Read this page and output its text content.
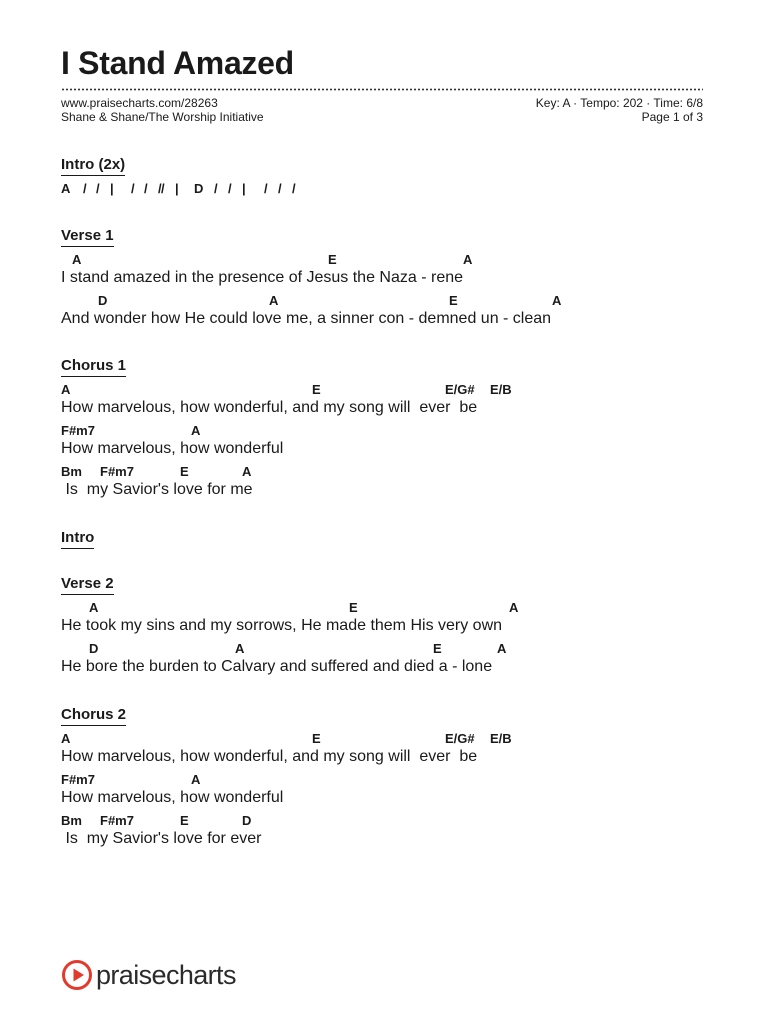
I Stand Amazed
www.praisecharts.com/28263
Shane & Shane/The Worship Initiative
Key: A · Tempo: 202 · Time: 6/8
Page 1 of 3
Intro (2x)
A / / | / / / / | D / / | / / /
Verse 1
A	E	A
I stand amazed in the presence of Jesus the Naza - rene
D	A	E	A
And wonder how He could love me, a sinner con - demned un - clean
Chorus 1
A	E	E/G# E/B
How marvelous, how wonderful, and my song will  ever  be
F#m7	A
How marvelous, how wonderful
Bm F#m7	E	A
Is  my Savior's love for me
Intro
Verse 2
A	E	A
He took my sins and my sorrows, He made them His very own
D	A	E	A
He bore the burden to Calvary and suffered and died a - lone
Chorus 2
A	E	E/G# E/B
How marvelous, how wonderful, and my song will  ever  be
F#m7	A
How marvelous, how wonderful
Bm F#m7	E	D
Is  my Savior's love for ever
praisecharts
